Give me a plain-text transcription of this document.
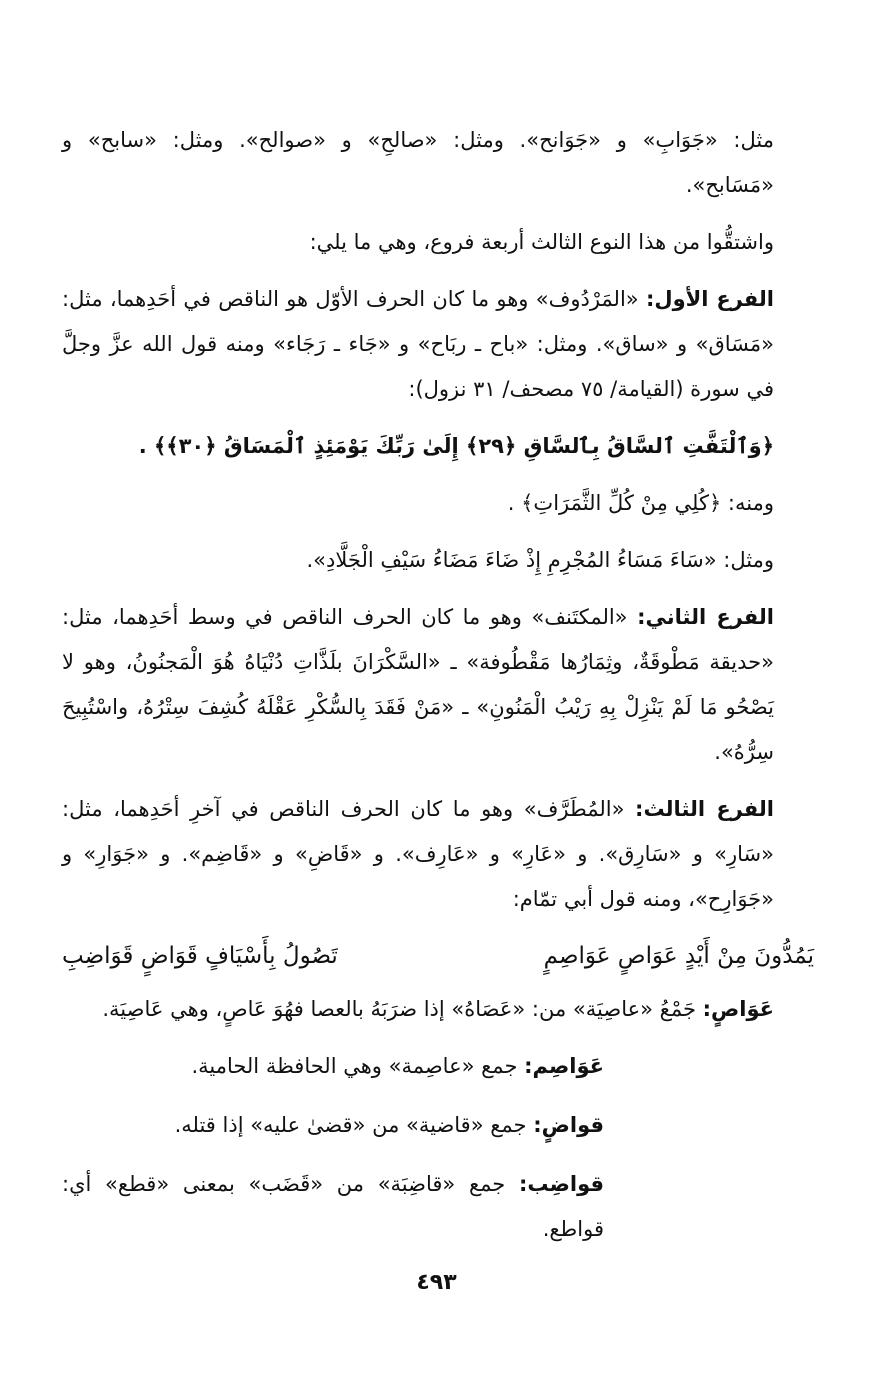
مثل: «جَوَابِ» و «جَوَانح». ومثل: «صالحِ» و «صوالح». ومثل: «سابح» و «مَسَابح».

واشتقُّوا من هذا النوع الثالث أربعة فروع، وهي ما يلي:

الفرع الأول: «المَرْدُوف» وهو ما كان الحرف الأوّل هو الناقص في أحَدِهما، مثل: «مَسَاق» و «ساق». ومثل: «باح ـ ربَاح» و «جَاء ـ رَجَاء» ومنه قول الله عزَّ وجلَّ في سورة (القيامة/ ٧٥ مصحف/ ٣١ نزول):

﴿وَٱلْتَفَّتِ ٱلسَّاقُ بِٱلسَّاقِ ﴿٢٩﴾ إِلَىٰ رَبِّكَ يَوْمَئِذٍ ٱلْمَسَاقُ ﴿٣٠﴾﴾ .

ومنه: ﴿كُلِي مِنْ كُلِّ الثَّمَرَاتِ﴾ .

ومثل: «سَاءَ مَسَاءُ المُجْرِمِ إِذْ ضَاءَ مَضَاءُ سَيْفِ الْجَلَّادِ».

الفرع الثاني: «المكتَنف» وهو ما كان الحرف الناقص في وسط أحَدِهما، مثل: «حديقة مَطْوقَةٌ، وثِمَارُها مَقْطُوفة» ـ «السَّكْرَانَ بلَذَّاتِ دُنْيَاهُ هُوَ الْمَجنُونُ، وهو لا يَصْحُو مَا لَمْ يَنْزِلْ بِهِ رَيْبُ الْمَنُونِ» ـ «مَنْ فَقَدَ بِالسُّكْرِ عَقْلَهُ كُشِفَ سِتْرُهُ، واسْتُبِيحَ سِرُّهُ».

الفرع الثالث: «المُطَرَّف» وهو ما كان الحرف الناقص في آخرِ أحَدِهما، مثل: «سَارِ» و «سَارِق». و «عَارِ» و «عَارِف». و «قَاضِ» و «قَاضِم». و «جَوَارِ» و «جَوَارِح»، ومنه قول أبي تمّام:

يَمُدُّونَ مِنْ أَيْدٍ عَوَاصٍ عَوَاصِمٍ
تَصُولُ بِأَسْيَافٍ قَوَاضٍ قَوَاضِبِ

عَوَاصٍ: جَمْعُ «عاصِيَة» من: «عَصَاهُ» إذا ضرَبَهُ بالعصا فهُوَ عَاصٍ، وهي عَاصِيَة.

عَوَاصِم: جمع «عاصِمة» وهي الحافظة الحامية.

قواضٍ: جمع «قاضية» من «قضىٰ عليه» إذا قتله.

قواضِب: جمع «قاضِبَة» من «قَضَب» بمعنى «قطع» أي: قواطع.

٤٩٣
